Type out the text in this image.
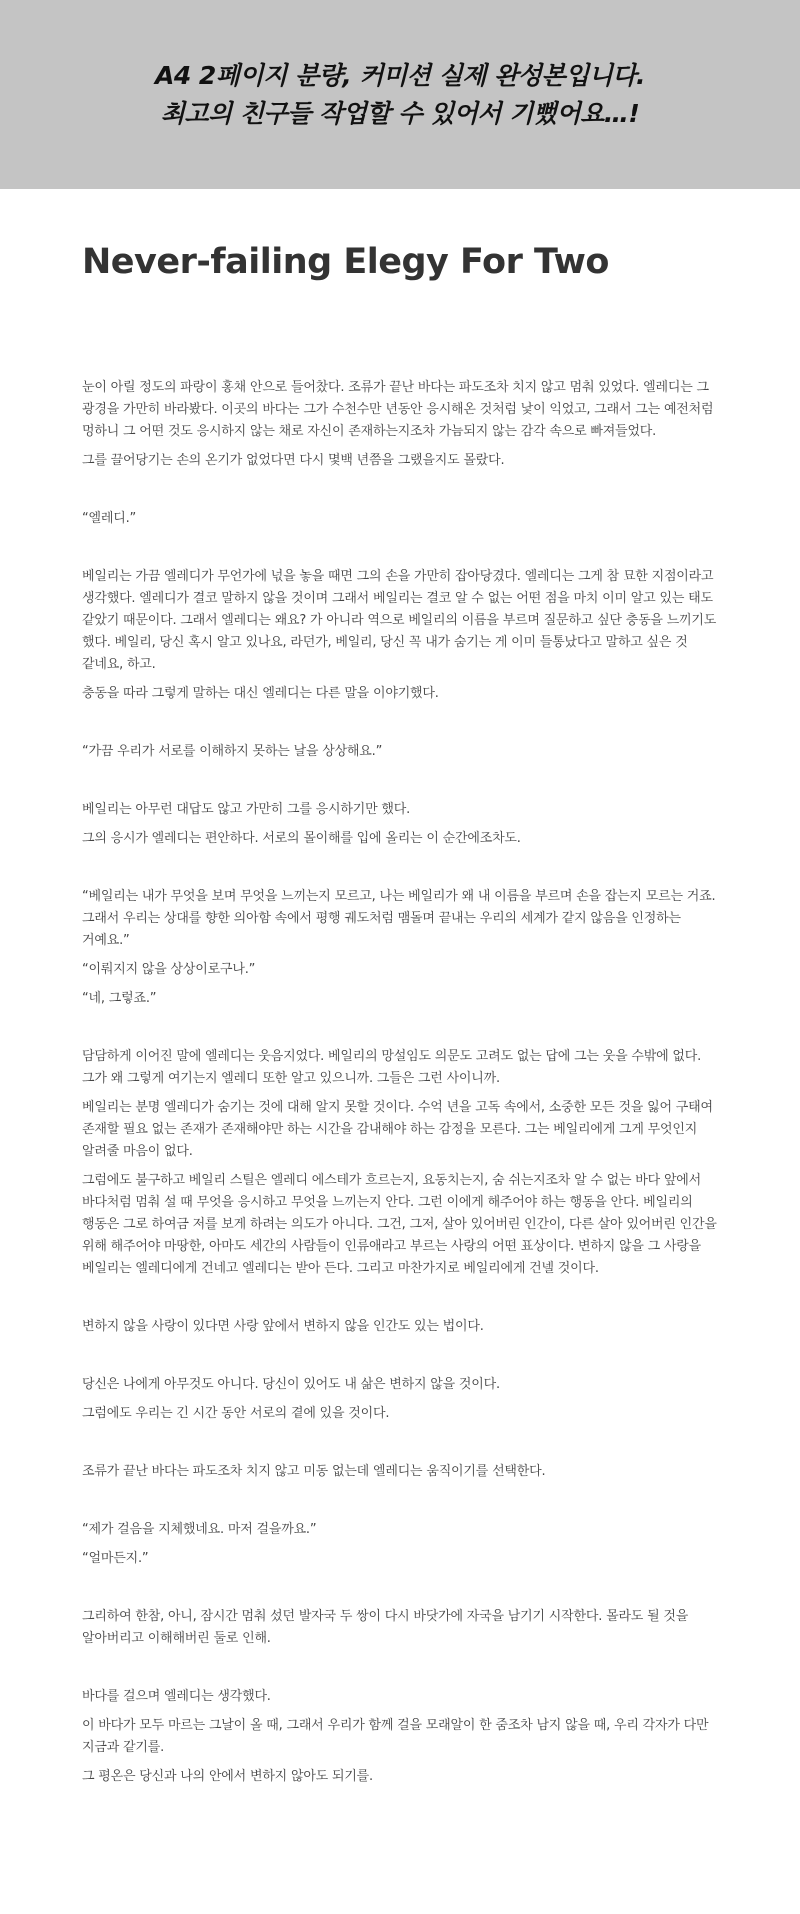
A4 2페이지 분량, 커미션 실제 완성본입니다.
최고의 친구들 작업할 수 있어서 기뻤어요…!
Never-failing Elegy For Two

눈이 아릴 정도의 파랑이 홍채 안으로 들어찼다. 조류가 끝난 바다는 파도조차 치지 않고 멈춰 있었다. 엘레디는 그 광경을 가만히 바라봤다. 이곳의 바다는 그가 수천수만 년동안 응시해온 것처럼 낯이 익었고, 그래서 그는 예전처럼 멍하니 그 어떤 것도 응시하지 않는 채로 자신이 존재하는지조차 가늠되지 않는 감각 속으로 빠져들었다.

그를 끌어당기는 손의 온기가 없었다면 다시 몇백 년쯤을 그랬을지도 몰랐다.

“엘레디.”

베일리는 가끔 엘레디가 무언가에 넋을 놓을 때면 그의 손을 가만히 잡아당겼다. 엘레디는 그게 참 묘한 지점이라고 생각했다. 엘레디가 결코 말하지 않을 것이며 그래서 베일리는 결코 알 수 없는 어떤 점을 마치 이미 알고 있는 태도 같았기 때문이다. 그래서 엘레디는 왜요? 가 아니라 역으로 베일리의 이름을 부르며 질문하고 싶단 충동을 느끼기도 했다. 베일리, 당신 혹시 알고 있나요, 라던가, 베일리, 당신 꼭 내가 숨기는 게 이미 들통났다고 말하고 싶은 것 같네요, 하고.

충동을 따라 그렇게 말하는 대신 엘레디는 다른 말을 이야기했다.

“가끔 우리가 서로를 이해하지 못하는 날을 상상해요.”

베일리는 아무런 대답도 않고 가만히 그를 응시하기만 했다.

그의 응시가 엘레디는 편안하다. 서로의 몰이해를 입에 올리는 이 순간에조차도.

“베일리는 내가 무엇을 보며 무엇을 느끼는지 모르고, 나는 베일리가 왜 내 이름을 부르며 손을 잡는지 모르는 거죠. 그래서 우리는 상대를 향한 의아함 속에서 평행 궤도처럼 맴돌며 끝내는 우리의 세계가 같지 않음을 인정하는 거예요.”

“이뤄지지 않을 상상이로구나.”

“네, 그렇죠.”

담담하게 이어진 말에 엘레디는 웃음지었다. 베일리의 망설임도 의문도 고려도 없는 답에 그는 웃을 수밖에 없다. 그가 왜 그렇게 여기는지 엘레디 또한 알고 있으니까. 그들은 그런 사이니까.

베일리는 분명 엘레디가 숨기는 것에 대해 알지 못할 것이다. 수억 년을 고독 속에서, 소중한 모든 것을 잃어 구태여 존재할 필요 없는 존재가 존재해야만 하는 시간을 감내해야 하는 감정을 모른다. 그는 베일리에게 그게 무엇인지 알려줄 마음이 없다.

그럼에도 불구하고 베일리 스틸은 엘레디 에스테가 흐르는지, 요동치는지, 숨 쉬는지조차 알 수 없는 바다 앞에서 바다처럼 멈춰 설 때 무엇을 응시하고 무엇을 느끼는지 안다. 그런 이에게 해주어야 하는 행동을 안다. 베일리의 행동은 그로 하여금 저를 보게 하려는 의도가 아니다. 그건, 그저, 살아 있어버린 인간이, 다른 살아 있어버린 인간을 위해 해주어야 마땅한, 아마도 세간의 사람들이 인류애라고 부르는 사랑의 어떤 표상이다. 변하지 않을 그 사랑을 베일리는 엘레디에게 건네고 엘레디는 받아 든다. 그리고 마찬가지로 베일리에게 건넬 것이다.

변하지 않을 사랑이 있다면 사랑 앞에서 변하지 않을 인간도 있는 법이다.

당신은 나에게 아무것도 아니다. 당신이 있어도 내 삶은 변하지 않을 것이다.

그럼에도 우리는 긴 시간 동안 서로의 곁에 있을 것이다.

조류가 끝난 바다는 파도조차 치지 않고 미동 없는데 엘레디는 움직이기를 선택한다.

“제가 걸음을 지체했네요. 마저 걸을까요.”

“얼마든지.”

그리하여 한참, 아니, 잠시간 멈춰 섰던 발자국 두 쌍이 다시 바닷가에 자국을 남기기 시작한다. 몰라도 될 것을 알아버리고 이해해버린 둘로 인해.

바다를 걸으며 엘레디는 생각했다.

이 바다가 모두 마르는 그날이 올 때, 그래서 우리가 함께 걸을 모래알이 한 줌조차 남지 않을 때, 우리 각자가 다만 지금과 같기를.

그 평온은 당신과 나의 안에서 변하지 않아도 되기를.
